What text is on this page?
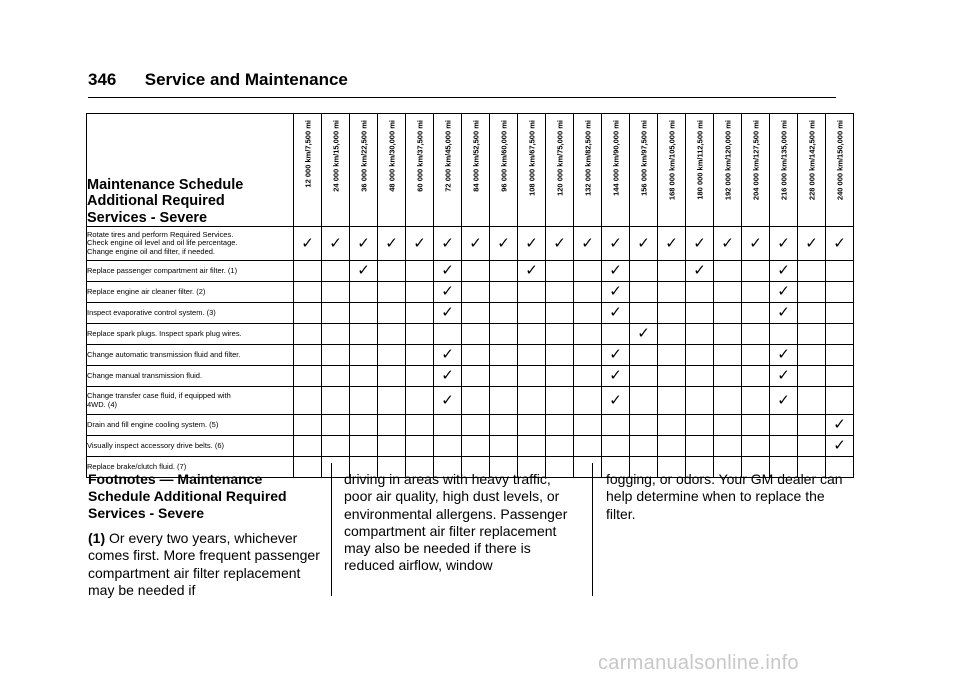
346 Service and Maintenance
Maintenance Schedule
Additional Required
Services - Severe	12 000 km/7,500 mi	24 000 km/15,000 mi	36 000 km/22,500 mi	48 000 km/30,000 mi	60 000 km/37,500 mi	72 000 km/45,000 mi	84 000 km/52,500 mi	96 000 km/60,000 mi	108 000 km/67,500 mi	120 000 km/75,000 mi	132 000 km/82,500 mi	144 000 km/90,000 mi	156 000 km/97,500 mi	168 000 km/105,000 mi	180 000 km/112,500 mi	192 000 km/120,000 mi	204 000 km/127,500 mi	216 000 km/135,000 mi	228 000 km/142,500 mi	240 000 km/150,000 mi

Rotate tires and perform Required Services.
Check engine oil level and oil life percentage.
Change engine oil and filter, if needed.	✓	✓	✓	✓	✓	✓	✓	✓	✓	✓	✓	✓	✓	✓	✓	✓	✓	✓	✓	✓
Replace passenger compartment air filter. (1)			✓			✓			✓			✓			✓			✓		
Replace engine air cleaner filter. (2)						✓						✓						✓		
Inspect evaporative control system. (3)						✓						✓						✓		
Replace spark plugs. Inspect spark plug wires.													✓							
Change automatic transmission fluid and filter.						✓						✓						✓		
Change manual transmission fluid.						✓						✓						✓		
Change transfer case fluid, if equipped with
4WD. (4)						✓						✓						✓		
Drain and fill engine cooling system. (5)																				✓
Visually inspect accessory drive belts. (6)																				✓
Replace brake/clutch fluid. (7)																				

Footnotes — Maintenance Schedule Additional Required Services - Severe

(1) Or every two years, whichever comes first. More frequent passenger compartment air filter replacement may be needed if

driving in areas with heavy traffic, poor air quality, high dust levels, or environmental allergens. Passenger compartment air filter replacement may also be needed if there is reduced airflow, window
fogging, or odors. Your GM dealer can help determine when to replace the filter.
carmanualsonline.info
